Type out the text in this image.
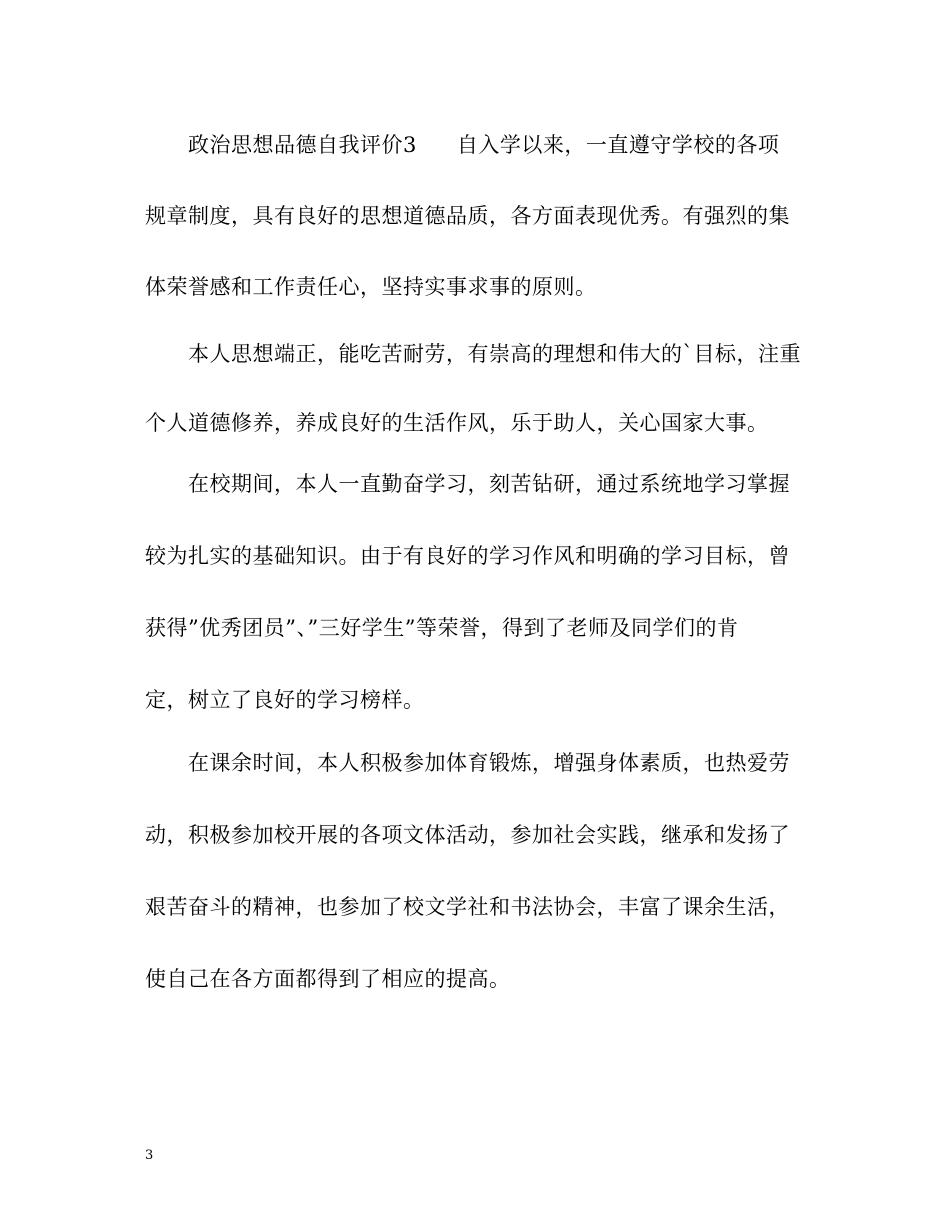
政治思想品德自我评价3 自入学以来，一直遵守学校的各项
规章制度，具有良好的思想道德品质，各方面表现优秀。有强烈的集
体荣誉感和工作责任心，坚持实事求事的原则。
本人思想端正，能吃苦耐劳，有崇高的理想和伟大的`目标，注重
个人道德修养，养成良好的生活作风，乐于助人，关心国家大事。
在校期间，本人一直勤奋学习，刻苦钻研，通过系统地学习掌握
较为扎实的基础知识。由于有良好的学习作风和明确的学习目标，曾
获得”优秀团员”、”三好学生”等荣誉，得到了老师及同学们的肯
定，树立了良好的学习榜样。
在课余时间，本人积极参加体育锻炼，增强身体素质，也热爱劳
动，积极参加校开展的各项文体活动，参加社会实践，继承和发扬了
艰苦奋斗的精神，也参加了校文学社和书法协会，丰富了课余生活，
使自己在各方面都得到了相应的提高。
3
